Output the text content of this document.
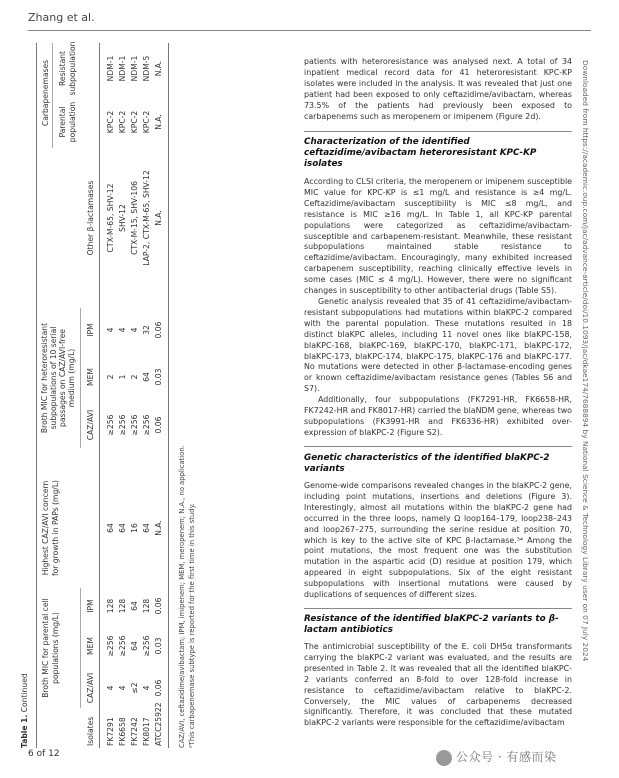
Zhang et al.
Table 1. Continued Broth MIC for parental cell populations (mg/L)
Highest CAZ/AVI concern for growth in PAPs (mg/L)
Broth MIC for heteroresistant subpopulations of 10 serial passages on CAZ/AVI-free medium (mg/L)
Carbapenemases Parental population
Resistant subpopulation
Isolates
CAZ/AVI
MEM
IPM
CAZ/AVI
MEM
IPM
Other β-lactamases
FK7291
4
≥256
128
64
≥256
2
4
CTX-M-65, SHV-12
KPC-2
NDM-1
FK6658
4
≥256
128
64
≥256
1
4
SHV-12
KPC-2
NDM-1
FK7242
≤2
64
64
16
≥256
2
4
CTX-M-15, SHV-106
KPC-2
NDM-1
FK8017
4
≥256
128
64
≥256
64
32
LAP-2, CTX-M-65, SHV-12
KPC-2
NDM-5
ATCC25922
0.06
0.03
0.06
N.A.
0.06
0.03
0.06
N.A.
N.A.
N.A.
CAZ/AVI, ceftazidime/avibactam; IPM, imipenem; MEM, meropenem; N.A., no application. ᵃThis carbapenemase subtype is reported for the first time in this study.

patients with heteroresistance was analysed next. A total of 34 inpatient medical record data for 41 heteroresistant KPC-KP isolates were included in the analysis. It was revealed that just one patient had been exposed to only ceftazidime/avibactam, whereas 73.5% of the patients had previously been exposed to carbapenems such as meropenem or imipenem (Figure 2d).

Characterization of the identified ceftazidime/avibactam heteroresistant KPC-KP isolates

According to CLSI criteria, the meropenem or imipenem susceptible MIC value for KPC-KP is ≤1 mg/L and resistance is ≥4 mg/L. Ceftazidime/avibactam susceptibility is MIC ≤8 mg/L, and resistance is MIC ≥16 mg/L. In Table 1, all KPC-KP parental populations were categorized as ceftazidime/avibactam-susceptible and carbapenem-resistant. Meanwhile, these resistant subpopulations maintained stable resistance to ceftazidime/avibactam. Encouragingly, many exhibited increased carbapenem susceptibility, reaching clinically effective levels in some cases (MIC ≤ 4 mg/L). However, there were no significant changes in susceptibility to other antibacterial drugs (Table S5).

Genetic analysis revealed that 35 of 41 ceftazidime/avibactam-resistant subpopulations had mutations within blaKPC-2 compared with the parental population. These mutations resulted in 18 distinct blaKPC alleles, including 11 novel ones like blaKPC-158, blaKPC-168, blaKPC-169, blaKPC-170, blaKPC-171, blaKPC-172, blaKPC-173, blaKPC-174, blaKPC-175, blaKPC-176 and blaKPC-177. No mutations were detected in other β-lactamase-encoding genes or known ceftazidime/avibactam resistance genes (Tables S6 and S7).

Additionally, four subpopulations (FK7291-HR, FK6658-HR, FK7242-HR and FK8017-HR) carried the blaNDM gene, whereas two subpopulations (FK3991-HR and FK6336-HR) exhibited over-expression of blaKPC-2 (Figure S2).

Genetic characteristics of the identified blaKPC-2 variants

Genome-wide comparisons revealed changes in the blaKPC-2 gene, including point mutations, insertions and deletions (Figure 3). Interestingly, almost all mutations within the blaKPC-2 gene had occurred in the three loops, namely Ω loop164–179, loop238–243 and loop267–275, surrounding the serine residue at position 70, which is key to the active site of KPC β-lactamase.³⁴ Among the point mutations, the most frequent one was the substitution mutation in the aspartic acid (D) residue at position 179, which appeared in eight subpopulations. Six of the eight resistant subpopulations with insertional mutations were caused by duplications of sequences of different sizes.

Resistance of the identified blaKPC-2 variants to β-lactam antibiotics

The antimicrobial susceptibility of the E. coli DH5α transformants carrying the blaKPC-2 variant was evaluated, and the results are presented in Table 2. It was revealed that all the identified blaKPC-2 variants conferred an 8-fold to over 128-fold increase in resistance to ceftazidime/avibactam relative to blaKPC-2. Conversely, the MIC values of carbapenems decreased significantly. Therefore, it was concluded that these mutated blaKPC-2 variants were responsible for the ceftazidime/avibactam

Downloaded from https://academic.oup.com/jac/advance-article/doi/10.1093/jac/dkae174/7688894 by National Science & Technology Library user on 07 July 2024
6 of 12	公众号 · 有感而染
